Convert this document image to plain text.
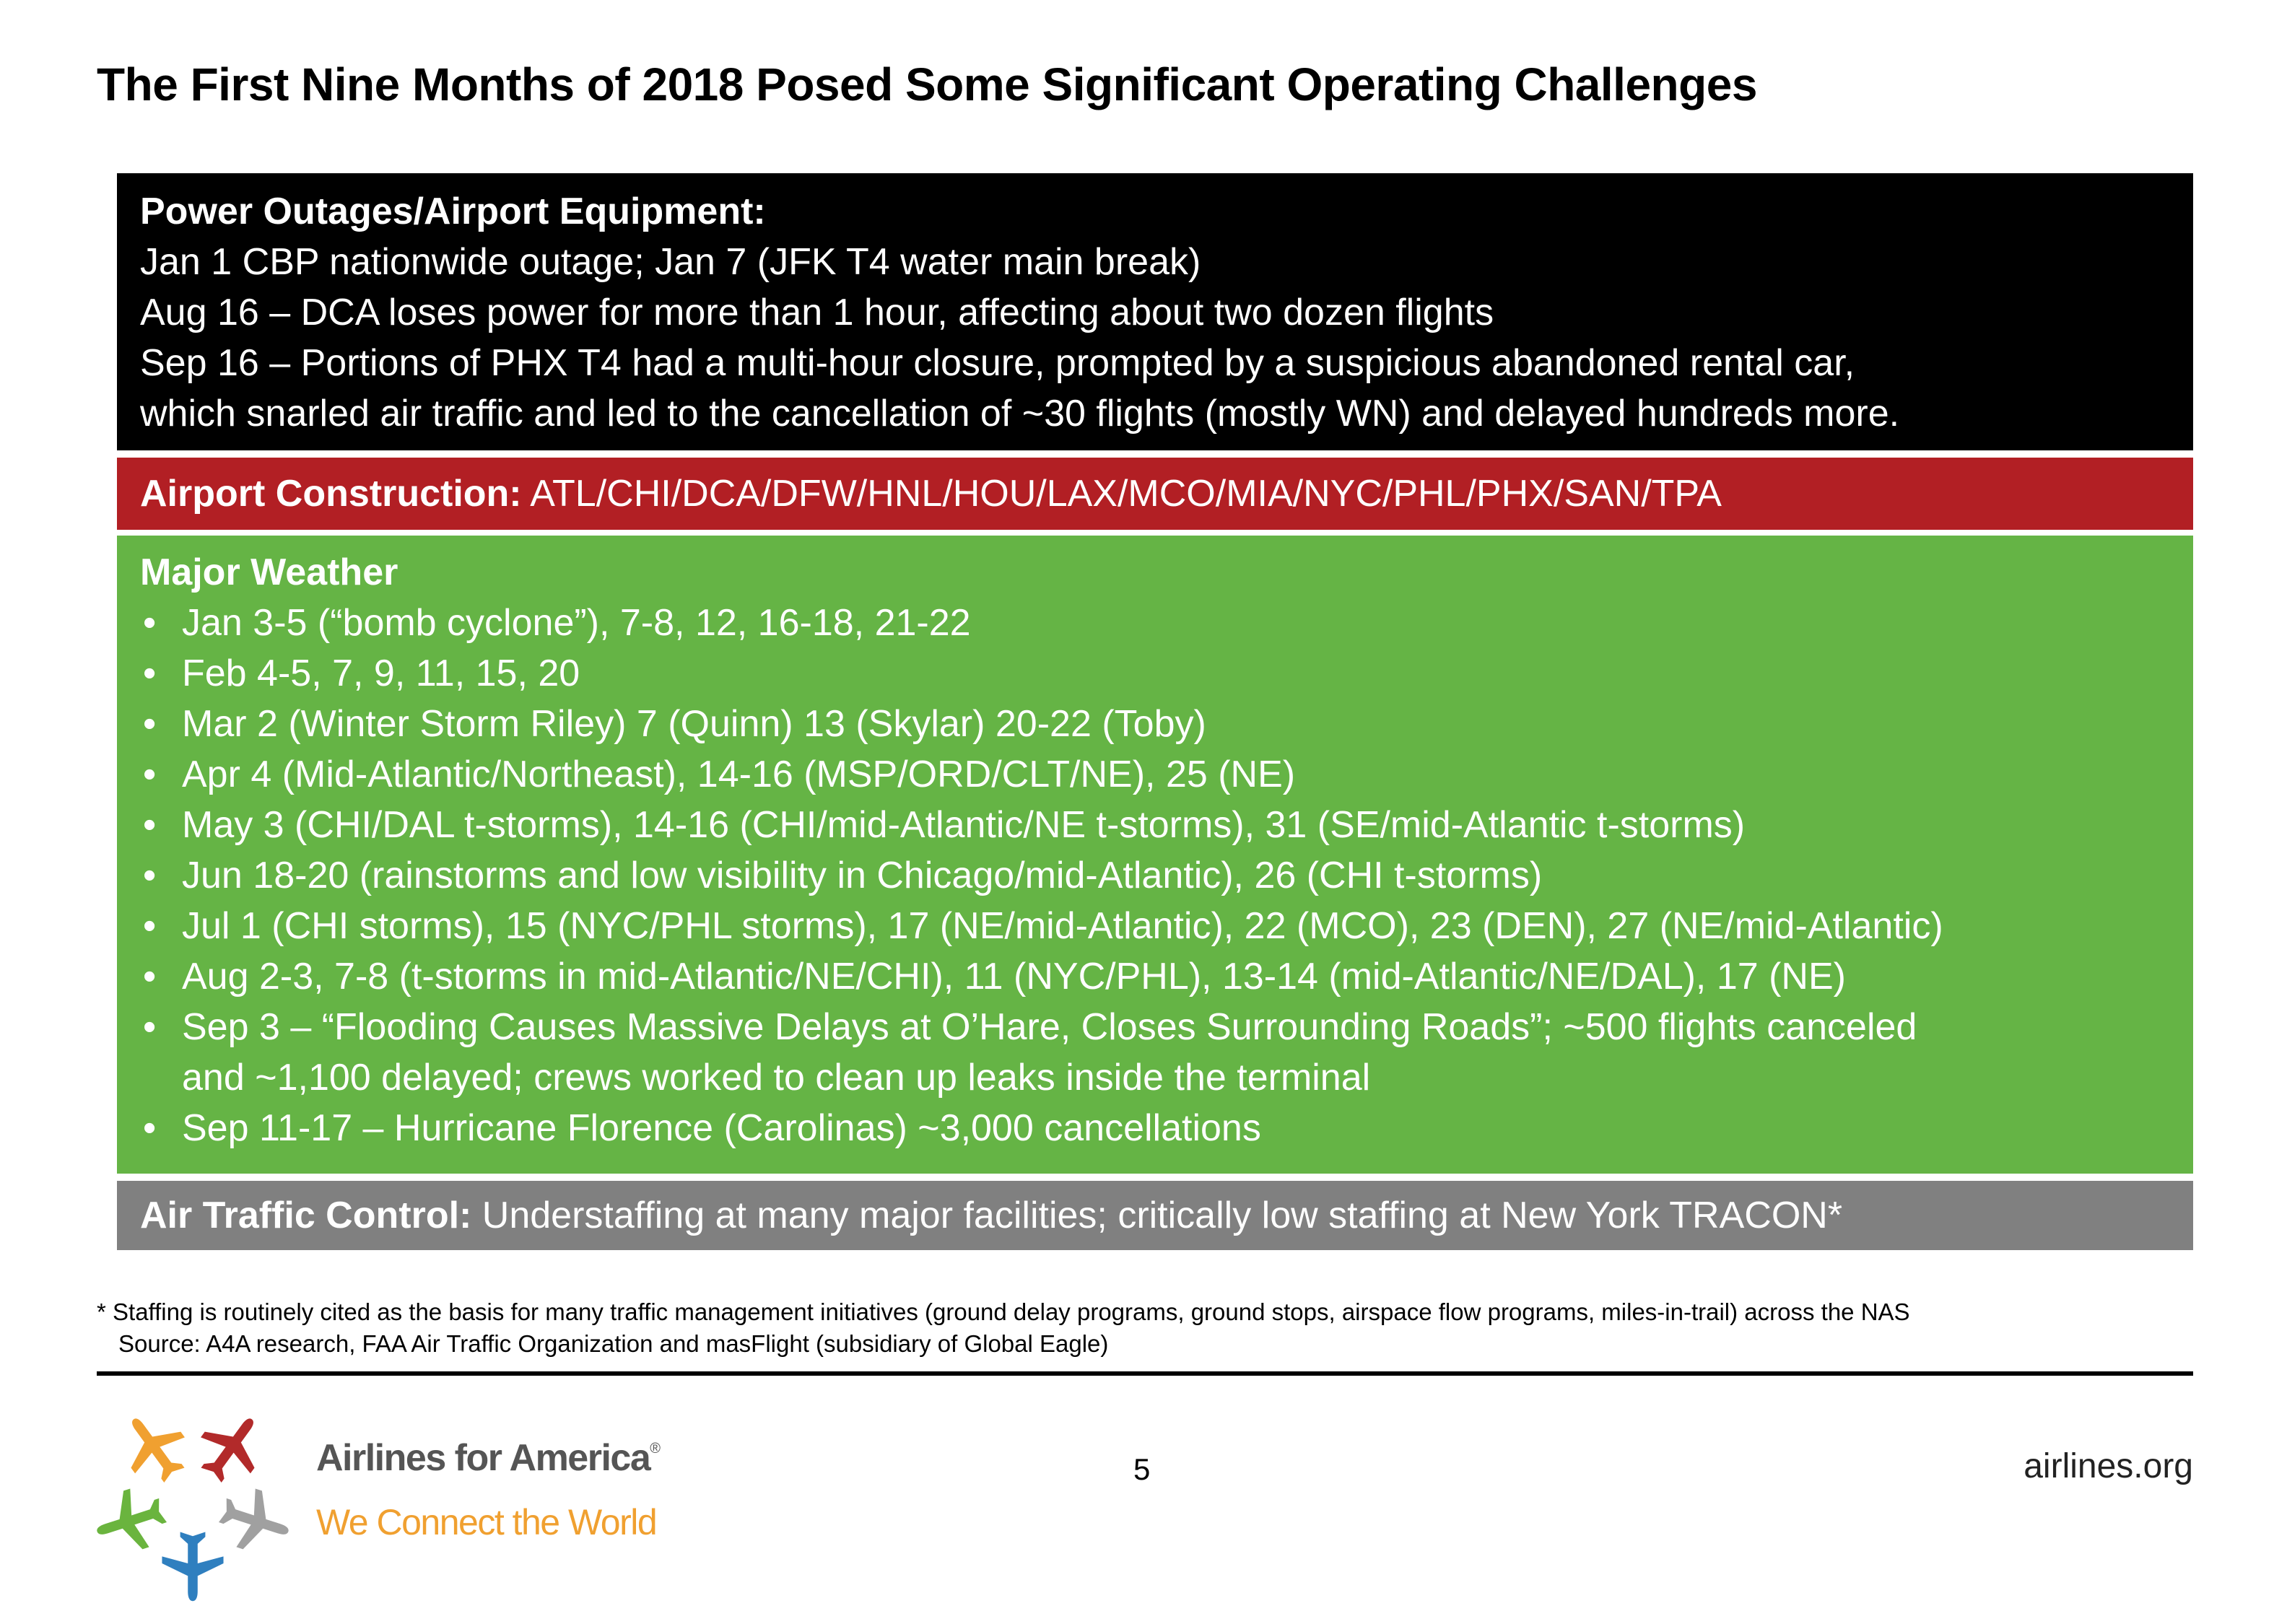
The First Nine Months of 2018 Posed Some Significant Operating Challenges
Power Outages/Airport Equipment:
Jan 1 CBP nationwide outage; Jan 7 (JFK T4 water main break)
Aug 16 – DCA loses power for more than 1 hour, affecting about two dozen flights
Sep 16 – Portions of PHX T4 had a multi-hour closure, prompted by a suspicious abandoned rental car,
which snarled air traffic and led to the cancellation of ~30 flights (mostly WN) and delayed hundreds more.
Airport Construction: ATL/CHI/DCA/DFW/HNL/HOU/LAX/MCO/MIA/NYC/PHL/PHX/SAN/TPA
Major Weather
• Jan 3-5 (“bomb cyclone”), 7-8, 12, 16-18, 21-22
• Feb 4-5, 7, 9, 11, 15, 20
• Mar 2 (Winter Storm Riley) 7 (Quinn) 13 (Skylar) 20-22 (Toby)
• Apr 4 (Mid-Atlantic/Northeast), 14-16 (MSP/ORD/CLT/NE), 25 (NE)
• May 3 (CHI/DAL t-storms), 14-16 (CHI/mid-Atlantic/NE t-storms), 31 (SE/mid-Atlantic t-storms)
• Jun 18-20 (rainstorms and low visibility in Chicago/mid-Atlantic), 26 (CHI t-storms)
• Jul 1 (CHI storms), 15 (NYC/PHL storms), 17 (NE/mid-Atlantic), 22 (MCO), 23 (DEN), 27 (NE/mid-Atlantic)
• Aug 2-3, 7-8 (t-storms in mid-Atlantic/NE/CHI), 11 (NYC/PHL), 13-14 (mid-Atlantic/NE/DAL), 17 (NE)
• Sep 3 – “Flooding Causes Massive Delays at O’Hare, Closes Surrounding Roads”; ~500 flights canceled
and ~1,100 delayed; crews worked to clean up leaks inside the terminal
• Sep 11-17 – Hurricane Florence (Carolinas) ~3,000 cancellations
Air Traffic Control: Understaffing at many major facilities; critically low staffing at New York TRACON*
* Staffing is routinely cited as the basis for many traffic management initiatives (ground delay programs, ground stops, airspace flow programs, miles-in-trail) across the NAS
Source: A4A research, FAA Air Traffic Organization and masFlight (subsidiary of Global Eagle)
Airlines for America®
We Connect the World
5	airlines.org
